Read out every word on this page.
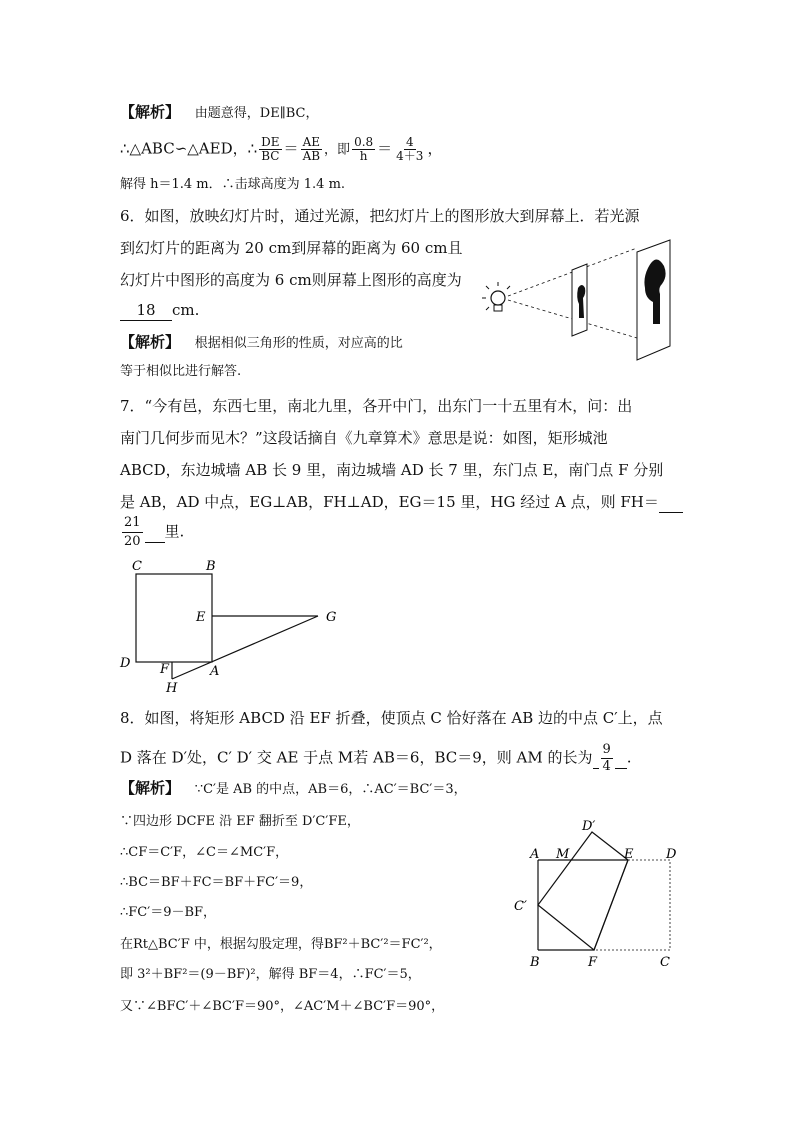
【解析】 由题意得，DE∥BC，
∴△ABC∽△AED，∴ $\frac{DE}{BC} = \frac{AE}{AB}$ ，即 $\frac{0.8}{h} = \frac{4}{4+3}$ ，
解得 h＝1.4 m．∴击球高度为 1.4 m.
6．如图，放映幻灯片时，通过光源，把幻灯片上的图形放大到屏幕上．若光源
到幻灯片的距离为 20 cm到屏幕的距离为 60 cm且
幻灯片中图形的高度为 6 cm则屏幕上图形的高度为
18 cm.
【解析】 根据相似三角形的性质，对应高的比
等于相似比进行解答.
7．“今有邑，东西七里，南北九里，各开中门，出东门一十五里有木，问：出
南门几何步而见木？”这段话摘自《九章算术》意思是说：如图，矩形城池
ABCD，东边城墙 AB 长 9 里，南边城墙 AD 长 7 里，东门点 E，南门点 F 分别
是 AB，AD 中点，EG⊥AB，FH⊥AD，EG＝15 里，HG 经过 A 点，则 FH＝
$\frac{21}{20}$ 里.
C	B
E	G
D F	A
H
8．如图，将矩形 ABCD 沿 EF 折叠，使顶点 C 恰好落在 AB 边的中点 C′上，点
D 落在 D′处，C′ D′ 交 AE 于点 M若 AB＝6，BC＝9，则 AM 的长为 $\frac{9}{4}$ .
【解析】 ∵C′是 AB 的中点，AB＝6，∴AC′＝BC′＝3，
∵四边形 DCFE 沿 EF 翻折至 D′C′FE，
∴CF＝C′F，∠C＝∠MC′F，
∴BC＝BF＋FC＝BF＋FC′＝9，
∴FC′＝9－BF，
在Rt△BC′F 中，根据勾股定理，得BF²＋BC′²＝FC′²，
即 3²＋BF²＝(9－BF)²，解得 BF＝4，∴FC′＝5，
又∵∠BFC′＋∠BC′F＝90°，∠AC′M＋∠BC′F＝90°，
D′
A M	E	D
C′
B	F	C
